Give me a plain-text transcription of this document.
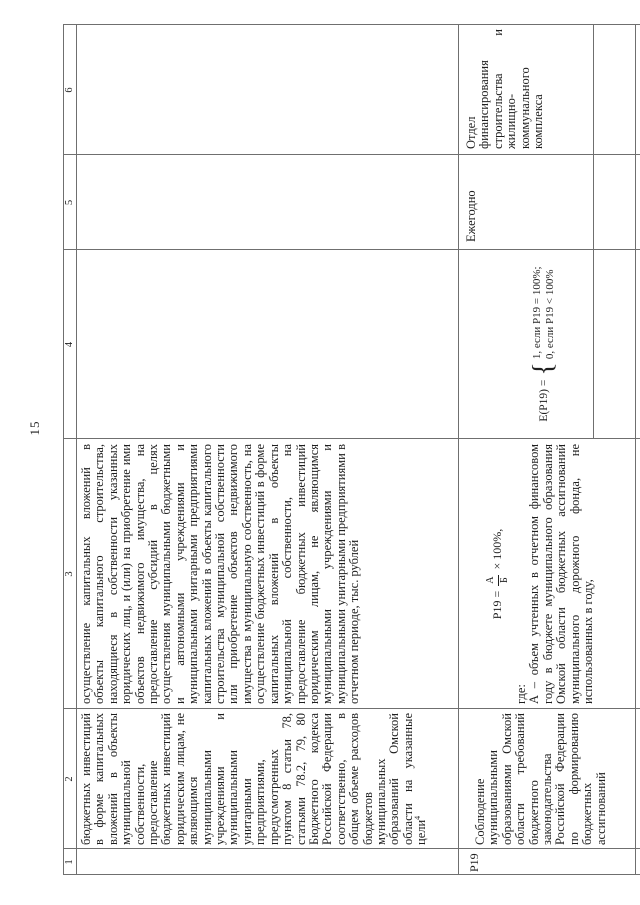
15
1
2
3
4
5
6
бюджетных инвестиций в форме капитальных вложений в объекты муниципальной собственности, предоставление бюджетных инвестиций юридическим лицам, не являющимся муниципальными учреждениями и муниципальными унитарными предприятиями, предусмотренных пунктом 8 статьи 78, статьями 78.2, 79, 80 Бюджетного кодекса Российской Федерации соответственно, в общем объеме расходов бюджетов муниципальных образований Омской области на указанные цели$^4$
осуществление капитальных вложений в объекты капитального строительства, находящиеся в собственности указанных юридических лиц, и (или) на приобретение ими объектов недвижимого имущества, на предоставление субсидий в целях осуществления муниципальными бюджетными и автономными учреждениями и муниципальными унитарными предприятиями капитальных вложений в объекты капитального строительства муниципальной собственности или приобретение объектов недвижимого имущества в муниципальную собственность, на осуществление бюджетных инвестиций в форме капитальных вложений в объекты муниципальной собственности, на предоставление бюджетных инвестиций юридическим лицам, не являющимся муниципальными учреждениями и муниципальными унитарными предприятиями в отчетном периоде, тыс. рублей
Р19
Соблюдение муниципальными образованиями Омской области требований бюджетного законодательства Российской Федерации по формированию бюджетных ассигнований
Р19 =
А Б
× 100%,
где: А – объем учтенных в отчетном финансовом году в бюджете муниципального образования Омской области бюджетных ассигнований муниципального дорожного фонда, не использованных в году,
Е(Р19) =
{
1, если Р19 = 100%; 0, если Р19 < 100%
Ежегодно
Отдел финансирования строительства и жилищно-коммунального комплекса
